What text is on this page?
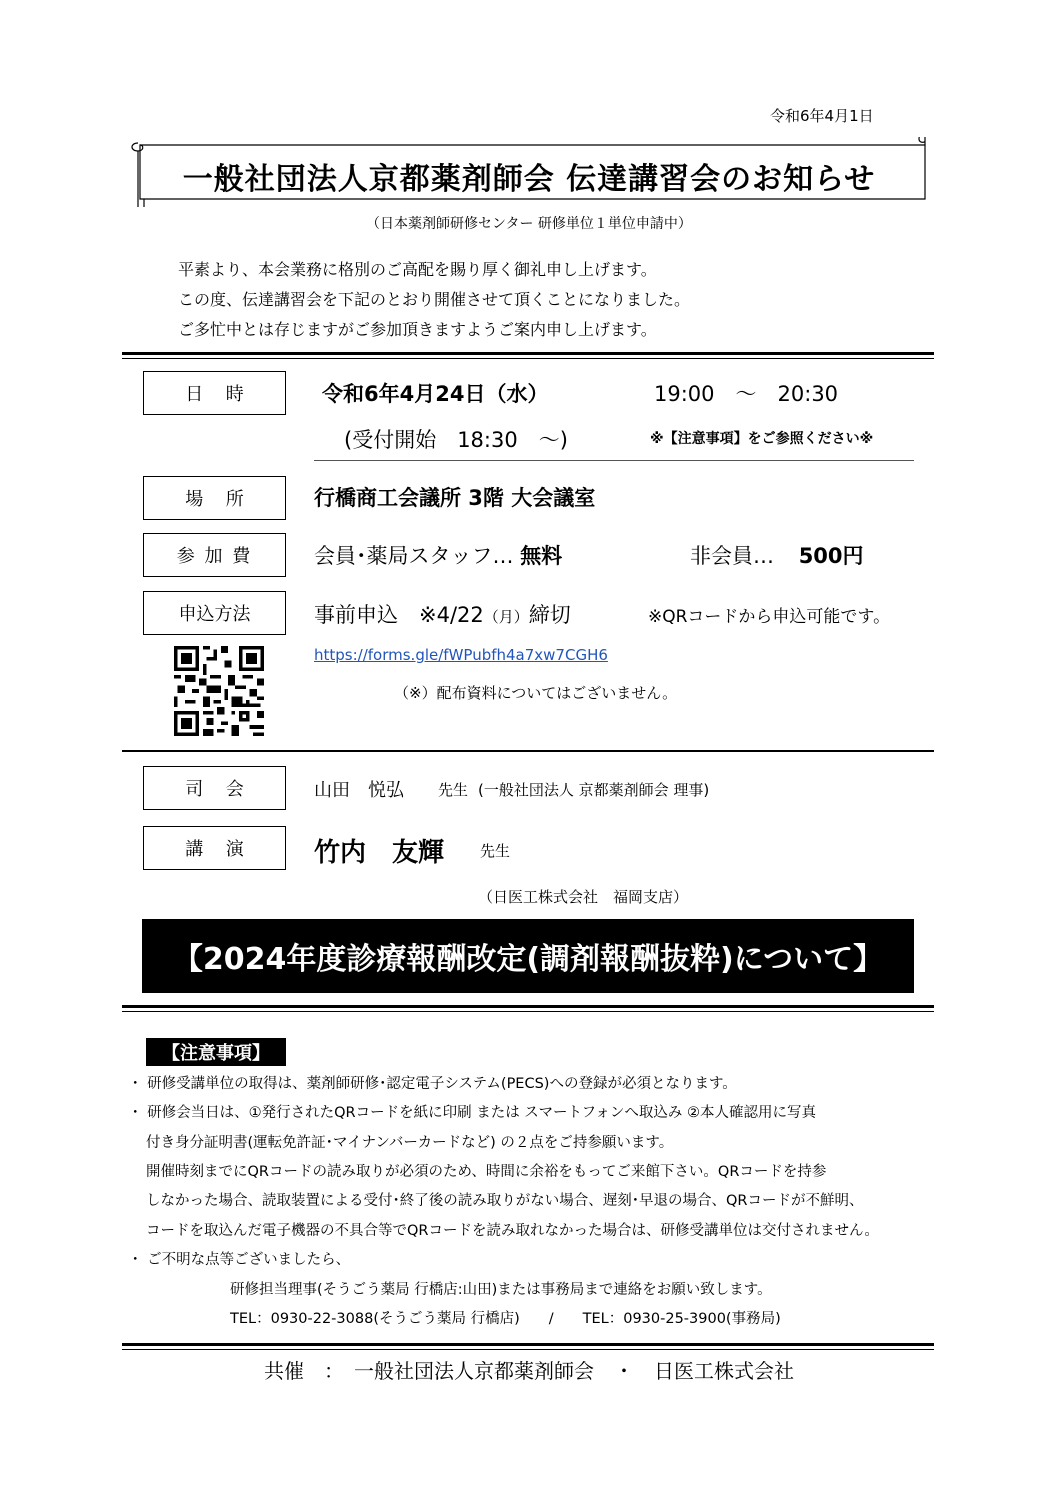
令和6年4月1日
一般社団法人京都薬剤師会 伝達講習会のお知らせ
（日本薬剤師研修センター 研修単位１単位申請中）
平素より、本会業務に格別のご高配を賜り厚く御礼申し上げます。
この度、伝達講習会を下記のとおり開催させて頂くことになりました。
ご多忙中とは存じますがご参加頂きますようご案内申し上げます。
日 時	令和6年4月24日（水）	19:00　～　20:30
(受付開始　18:30　～)	※【注意事項】をご参照ください※
場 所	行橋商工会議所 3階 大会議室
参 加 費	会員･薬局スタッフ… 無料	非会員… 500円
申込方法	事前申込　※4/22（月）締切	※QRコードから申込可能です。
https://forms.gle/fWPubfh4a7xw7CGH6
（※）配布資料についてはございません。
司 会	山田　悦弘 先生 (一般社団法人 京都薬剤師会 理事)
講 演	竹内　友輝 先生
（日医工株式会社　福岡支店）
【2024年度診療報酬改定(調剤報酬抜粋)について】
【注意事項】
・ 研修受講単位の取得は、薬剤師研修･認定電子システム(PECS)への登録が必須となります。
・ 研修会当日は、①発行されたQRコードを紙に印刷 または スマートフォンへ取込み ②本人確認用に写真
付き身分証明書(運転免許証･マイナンバーカードなど) の２点をご持参願います。
開催時刻までにQRコードの読み取りが必須のため、時間に余裕をもってご来館下さい。QRコードを持参
しなかった場合、読取装置による受付･終了後の読み取りがない場合、遅刻･早退の場合、QRコードが不鮮明、
コードを取込んだ電子機器の不具合等でQRコードを読み取れなかった場合は、研修受講単位は交付されません。
・ ご不明な点等ございましたら、
研修担当理事(そうごう薬局 行橋店:山田)または事務局まで連絡をお願い致します。
TEL：0930-22-3088(そうごう薬局 行橋店)　　/　　TEL：0930-25-3900(事務局)
共催　：　一般社団法人京都薬剤師会　・　日医工株式会社
